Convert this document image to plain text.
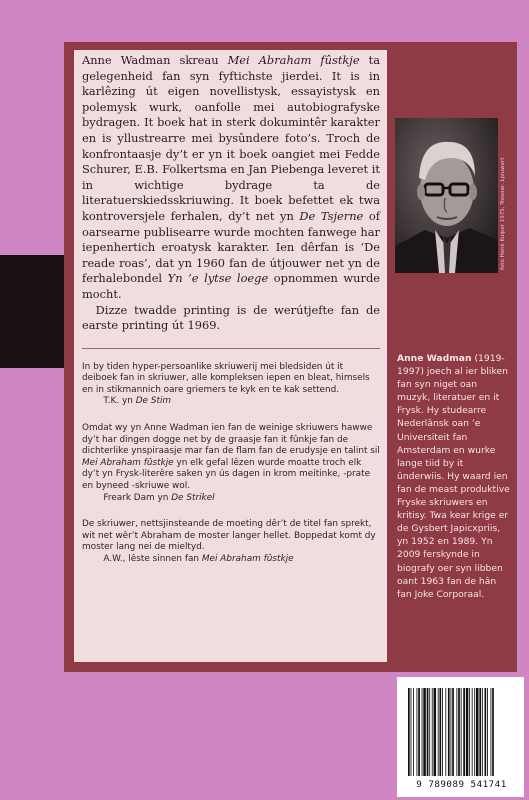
Anne Wadman skreau Mei Abraham fûstkje ta gelegenheid fan syn fyftichste jierdei. It is in karlêzing út eigen novellistysk, essayistysk en polemysk wurk, oanfolle mei autobiografyske bydragen. It boek hat in sterk dokumintêr karakter en is yllustrearre mei bysûndere foto’s. Troch de konfrontaasje dy’t er yn it boek oangiet mei Fedde Schurer, E.B. Folkertsma en Jan Piebenga leveret it in wichtige bydrage ta de literatuerskiedsskriuwing. It boek befettet ek twa kontroversjele ferhalen, dy’t net yn De Tsjerne of oarsearne publisearre wurde mochten fanwege har iepenhertich eroatysk karakter. Ien dêrfan is ‘De reade roas’, dat yn 1960 fan de útjouwer net yn de ferhalebondel Yn ’e lytse loege opnommen wurde mocht.

Dizze twadde printing is de werútjefte fan de earste printing út 1969.

In by tiden hyper-persoanlike skriuwerij mei bledsiden út it deiboek fan in skriuwer, alle kompleksen iepen en bleat, himsels en in stikmannich oare griemers te kyk en te kak settend.
T.K. yn De Stim

Omdat wy yn Anne Wadman ien fan de weinige skriuwers hawwe dy’t har dingen dogge net by de graasje fan it fûnkje fan de dichterlike ynspiraasje mar fan de flam fan de erudysje en talint sil Mei Abraham fûstkje yn elk gefal lêzen wurde moatte troch elk dy’t yn Frysk-literêre saken yn ús dagen in krom meitinke, -prate en byneed -skriuwe wol.
Freark Dam yn De Strikel

De skriuwer, nettsjinsteande de moeting dêr’t de titel fan sprekt, wit net wêr’t Abraham de moster langer hellet. Boppedat komt dy moster lang nei de mieltyd.
A.W., lêste sinnen fan Mei Abraham fûstkje

foto Henk Kuiper 1975, Tresoar, Ljouwert
Anne Wadman (1919-1997) joech al ier bliken fan syn niget oan muzyk, literatuer en it Frysk. Hy studearre Nederlânsk oan ’e Universiteit fan Amsterdam en wurke lange tiid by it ûnderwiis. Hy waard ien fan de meast produktive Fryske skriuwers en kritisy. Twa kear krige er de Gysbert Japicxpriis, yn 1952 en 1989. Yn 2009 ferskynde in biografy oer syn libben oant 1963 fan de hân fan Joke Corporaal.
9 789089 541741
